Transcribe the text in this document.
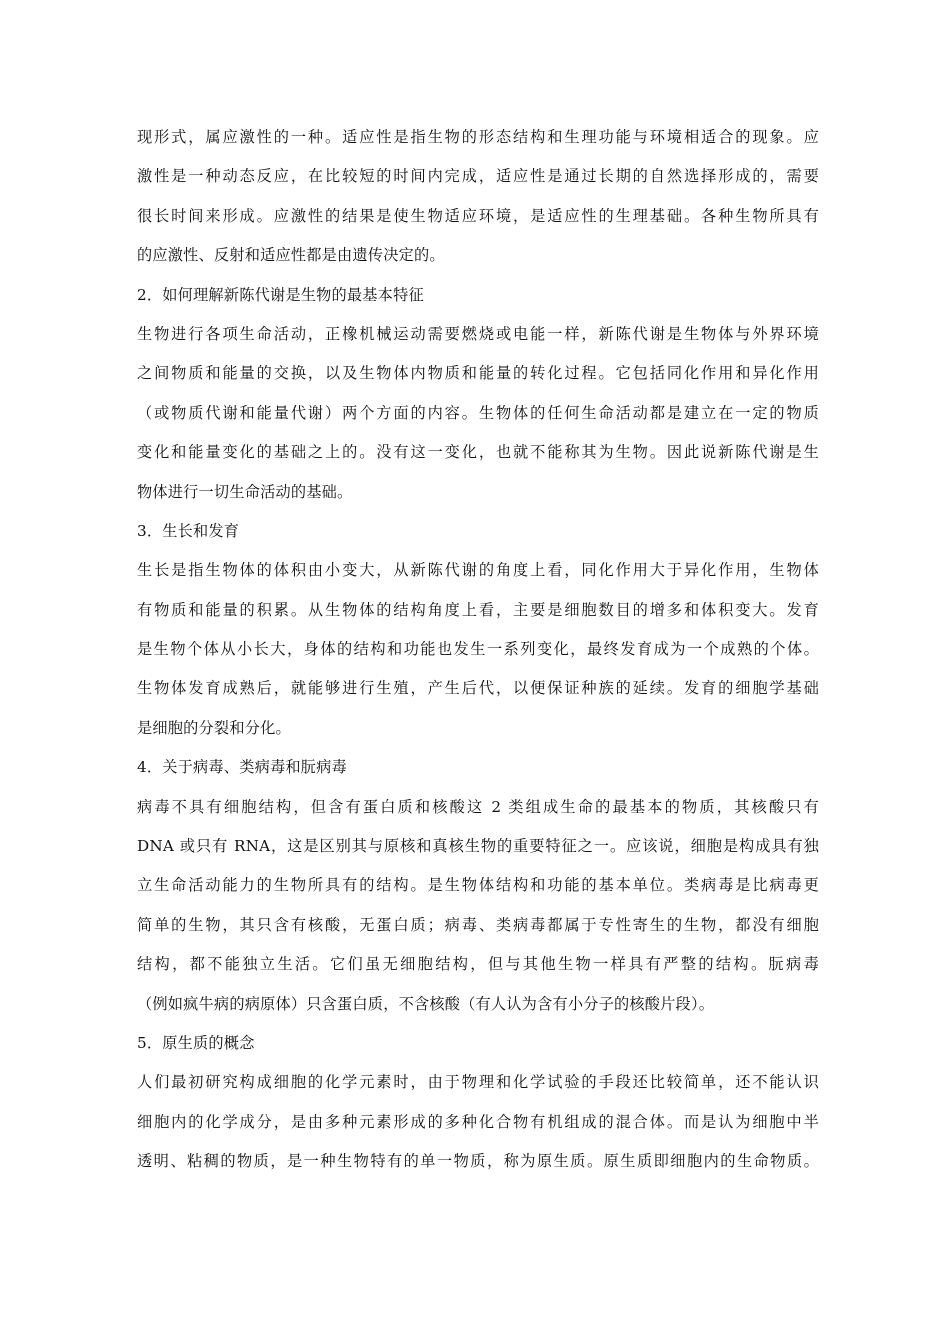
现形式，属应激性的一种。适应性是指生物的形态结构和生理功能与环境相适合的现象。应
激性是一种动态反应，在比较短的时间内完成，适应性是通过长期的自然选择形成的，需要
很长时间来形成。应激性的结果是使生物适应环境，是适应性的生理基础。各种生物所具有
的应激性、反射和适应性都是由遗传决定的。
2．如何理解新陈代谢是生物的最基本特征
生物进行各项生命活动，正橡机械运动需要燃烧或电能一样，新陈代谢是生物体与外界环境
之间物质和能量的交换，以及生物体内物质和能量的转化过程。它包括同化作用和异化作用
（或物质代谢和能量代谢）两个方面的内容。生物体的任何生命活动都是建立在一定的物质
变化和能量变化的基础之上的。没有这一变化，也就不能称其为生物。因此说新陈代谢是生
物体进行一切生命活动的基础。
3．生长和发育
生长是指生物体的体积由小变大，从新陈代谢的角度上看，同化作用大于异化作用，生物体
有物质和能量的积累。从生物体的结构角度上看，主要是细胞数目的增多和体积变大。发育
是生物个体从小长大，身体的结构和功能也发生一系列变化，最终发育成为一个成熟的个体。
生物体发育成熟后，就能够进行生殖，产生后代，以便保证种族的延续。发育的细胞学基础
是细胞的分裂和分化。
4．关于病毒、类病毒和朊病毒
病毒不具有细胞结构，但含有蛋白质和核酸这 2 类组成生命的最基本的物质，其核酸只有
DNA 或只有 RNA，这是区别其与原核和真核生物的重要特征之一。应该说，细胞是构成具有独
立生命活动能力的生物所具有的结构。是生物体结构和功能的基本单位。类病毒是比病毒更
简单的生物，其只含有核酸，无蛋白质；病毒、类病毒都属于专性寄生的生物，都没有细胞
结构，都不能独立生活。它们虽无细胞结构，但与其他生物一样具有严整的结构。朊病毒
（例如疯牛病的病原体）只含蛋白质，不含核酸（有人认为含有小分子的核酸片段）。
5．原生质的概念
人们最初研究构成细胞的化学元素时，由于物理和化学试验的手段还比较简单，还不能认识
细胞内的化学成分，是由多种元素形成的多种化合物有机组成的混合体。而是认为细胞中半
透明、粘稠的物质，是一种生物特有的单一物质，称为原生质。原生质即细胞内的生命物质。
